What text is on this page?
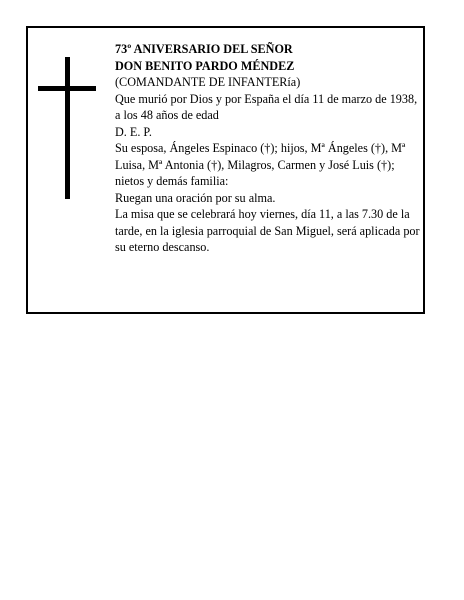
73º ANIVERSARIO DEL SEÑOR

DON BENITO PARDO MÉNDEZ

(COMANDANTE DE INFANTERía)

Que murió por Dios y por España el día 11 de marzo de 1938, a los 48 años de edad

D. E. P.

Su esposa, Ángeles Espinaco (†); hijos, Mª Ángeles (†), Mª Luisa, Mª Antonia (†), Milagros, Carmen y José Luis (†); nietos y demás familia:

Ruegan una oración por su alma.

La misa que se celebrará hoy viernes, día 11, a las 7.30 de la tarde, en la iglesia parroquial de San Miguel, será aplicada por su eterno descanso.
